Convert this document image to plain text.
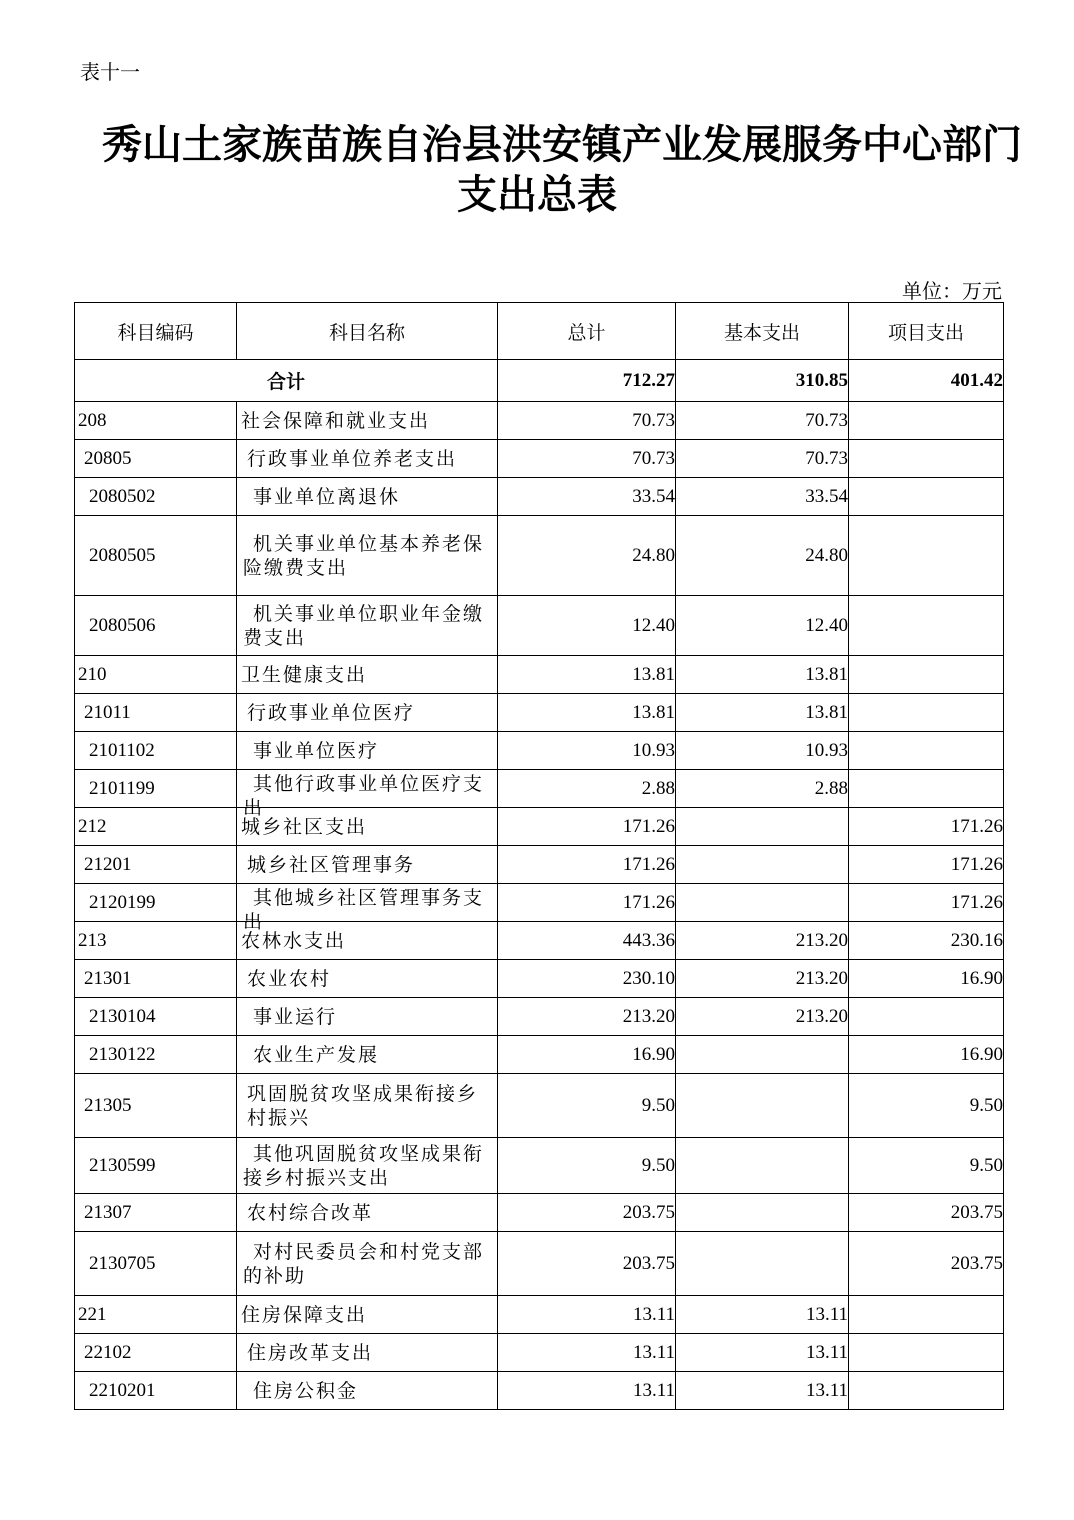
表十一
秀山土家族苗族自治县洪安镇产业发展服务中心部门
支出总表
单位：万元
科目编码	科目名称	总计	基本支出	项目支出
合计		712.27	310.85	401.42
208	社会保障和就业支出	70.73	70.73	
20805	行政事业单位养老支出	70.73	70.73	
2080502	事业单位离退休	33.54	33.54	
2080505	机关事业单位基本养老保险缴费支出	24.80	24.80	
2080506	机关事业单位职业年金缴费支出	12.40	12.40	
210	卫生健康支出	13.81	13.81	
21011	行政事业单位医疗	13.81	13.81	
2101102	事业单位医疗	10.93	10.93	
2101199	其他行政事业单位医疗支出	2.88	2.88	
212	城乡社区支出	171.26		171.26
21201	城乡社区管理事务	171.26		171.26
2120199	其他城乡社区管理事务支出	171.26		171.26
213	农林水支出	443.36	213.20	230.16
21301	农业农村	230.10	213.20	16.90
2130104	事业运行	213.20	213.20	
2130122	农业生产发展	16.90		16.90
21305	巩固脱贫攻坚成果衔接乡村振兴	9.50		9.50
2130599	其他巩固脱贫攻坚成果衔接乡村振兴支出	9.50		9.50
21307	农村综合改革	203.75		203.75
2130705	对村民委员会和村党支部的补助	203.75		203.75
221	住房保障支出	13.11	13.11	
22102	住房改革支出	13.11	13.11	
2210201	住房公积金	13.11	13.11	
